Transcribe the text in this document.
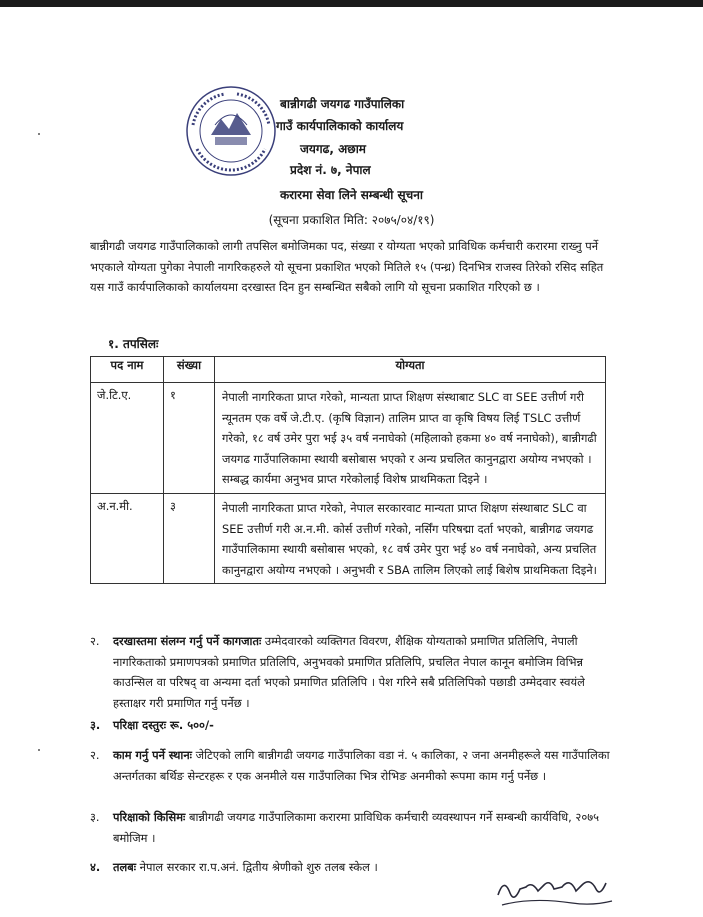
बान्नीगढी जयगढ गाउँपालिका
गाउँ कार्यपालिकाको कार्यालय
जयगढ, अछाम
प्रदेश नं. ७, नेपाल
करारमा सेवा लिने सम्बन्धी सूचना
(सूचना प्रकाशित मिति: २०७५/०४/१९)
बान्नीगढी जयगढ गाउँपालिकाको लागी तपसिल बमोजिमका पद, संख्या र योग्यता भएको प्राविधिक कर्मचारी करारमा राख्नु पर्ने भएकाले योग्यता पुगेका नेपाली नागरिकहरुले यो सूचना प्रकाशित भएको मितिले १५ (पन्ध्र) दिनभित्र राजस्व तिरेको रसिद सहित यस गाउँ कार्यपालिकाको कार्यालयमा दरखास्त दिन हुन सम्बन्धित सबैको लागि यो सूचना प्रकाशित गरिएको छ ।
१. तपसिलः
पद नाम	संख्या	योग्यता
जे.टि.ए.	१	नेपाली नागरिकता प्राप्त गरेको, मान्यता प्राप्त शिक्षण संस्थाबाट SLC वा SEE उत्तीर्ण गरी न्यूनतम एक वर्षे जे.टी.ए. (कृषि विज्ञान) तालिम प्राप्त वा कृषि विषय लिई TSLC उत्तीर्ण गरेको, १८ वर्ष उमेर पुरा भई ३५ वर्ष ननाघेको (महिलाको हकमा ४० वर्ष ननाघेको), बान्नीगढी जयगढ गाउँपालिकामा स्थायी बसोबास भएको र अन्य प्रचलित कानुनद्वारा अयोग्य नभएको । सम्बद्ध कार्यमा अनुभव प्राप्त गरेकोलाई विशेष प्राथमिकता दिइने ।
अ.न.मी.	३	नेपाली नागरिकता प्राप्त गरेको, नेपाल सरकारवाट मान्यता प्राप्त शिक्षण संस्थाबाट SLC वा SEE उत्तीर्ण गरी अ.न.मी. कोर्स उत्तीर्ण गरेको, नर्सिंग परिषद्मा दर्ता भएको, बान्नीगढ जयगढ गाउँपालिकामा स्थायी बसोबास भएको, १८ वर्ष उमेर पुरा भई ४० वर्ष ननाघेको, अन्य प्रचलित कानुनद्वारा अयोग्य नभएको । अनुभवी र SBA तालिम लिएको लाई बिशेष प्राथमिकता दिइने।
२.	दरखास्तमा संलग्न गर्नु पर्ने कागजातः उम्मेदवारको व्यक्तिगत विवरण, शैक्षिक योग्यताको प्रमाणित प्रतिलिपि, नेपाली नागरिकताको प्रमाणपत्रको प्रमाणित प्रतिलिपि, अनुभवको प्रमाणित प्रतिलिपि, प्रचलित नेपाल कानून बमोजिम विभिन्न काउन्सिल वा परिषद् वा अन्यमा दर्ता भएको प्रमाणित प्रतिलिपि । पेश गरिने सबै प्रतिलिपिको पछाडी उम्मेदवार स्वयंले हस्ताक्षर गरी प्रमाणित गर्नु पर्नेछ ।
३.	परिक्षा दस्तुरः रू. ५००/-
२.	काम गर्नु पर्ने स्थानः जेटिएको लागि बान्नीगढी जयगढ गाउँपालिका वडा नं. ५ कालिका, २ जना अनमीहरूले यस गाउँपालिका अन्तर्गतका बर्थिङ सेन्टरहरू र एक अनमीले यस गाउँपालिका भित्र रोभिङ अनमीको रूपमा काम गर्नु पर्नेछ ।
३.	परिक्षाको किसिमः बान्नीगढी जयगढ गाउँपालिकामा करारमा प्राविधिक कर्मचारी व्यवस्थापन गर्ने सम्बन्धी कार्यविधि, २०७५ बमोजिम ।
४.	तलबः नेपाल सरकार रा.प.अनं. द्वितीय श्रेणीको शुरु तलब स्केल ।
